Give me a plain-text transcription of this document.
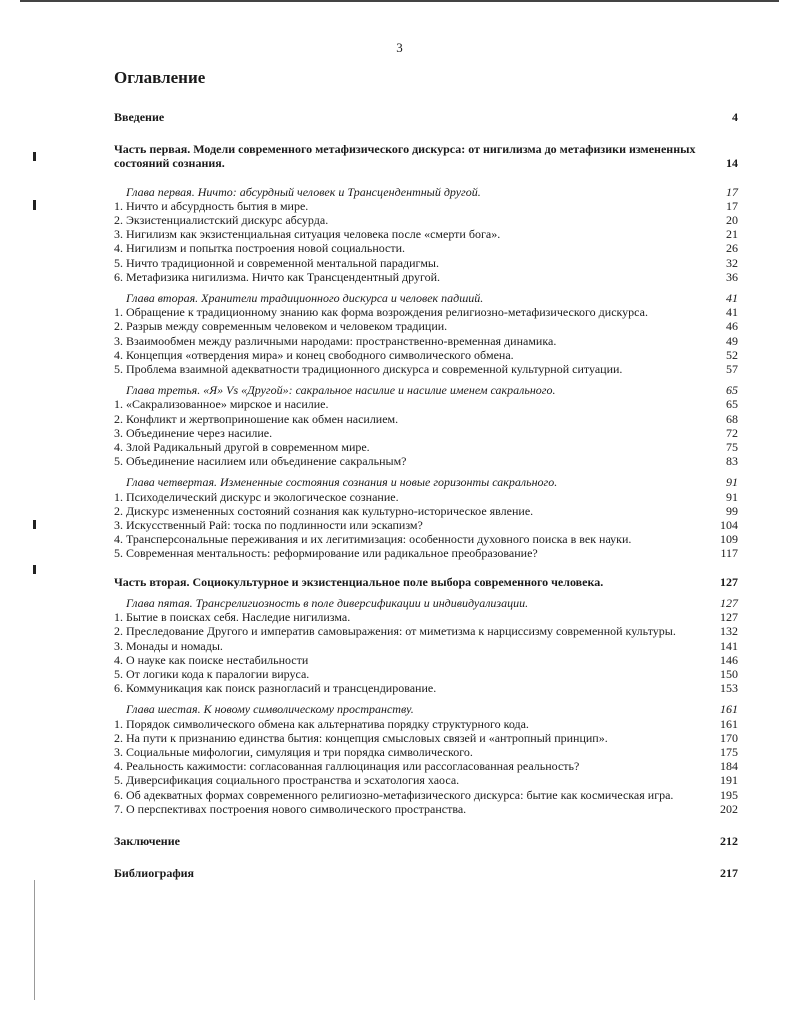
3
Оглавление
Введение	4
Часть первая. Модели современного метафизического дискурса: от нигилизма до метафизики измененных состояний сознания.	14
Глава первая. Ничто: абсурдный человек и Трансцендентный другой.	17
1. Ничто и абсурдность бытия в мире.	17
2. Экзистенциалистский дискурс абсурда.	20
3. Нигилизм как экзистенциальная ситуация человека после «смерти бога».	21
4. Нигилизм и попытка построения новой социальности.	26
5. Ничто традиционной и современной ментальной парадигмы.	32
6. Метафизика нигилизма. Ничто как Трансцендентный другой.	36
Глава вторая. Хранители традиционного дискурса и человек падший.	41
1. Обращение к традиционному знанию как форма возрождения религиозно-метафизического дискурса.	41
2. Разрыв между современным человеком и человеком традиции.	46
3. Взаимообмен между различными народами: пространственно-временная динамика.	49
4. Концепция «отвердения мира» и конец свободного символического обмена.	52
5. Проблема взаимной адекватности традиционного дискурса и современной культурной ситуации.	57
Глава третья. «Я» Vs «Другой»: сакральное насилие и насилие именем сакрального.	65
1. «Сакрализованное» мирское и насилие.	65
2. Конфликт и жертвоприношение как обмен насилием.	68
3. Объединение через насилие.	72
4. Злой Радикальный другой в современном мире.	75
5. Объединение насилием или объединение сакральным?	83
Глава четвертая. Измененные состояния сознания и новые горизонты сакрального.	91
1. Психоделический дискурс и экологическое сознание.	91
2. Дискурс измененных состояний сознания как культурно-историческое явление.	99
3. Искусственный Рай: тоска по подлинности или эскапизм?	104
4. Трансперсональные переживания и их легитимизация: особенности духовного поиска в век науки.	109
5. Современная ментальность: реформирование или радикальное преобразование?	117
Часть вторая. Социокультурное и экзистенциальное поле выбора современного человека.	127
Глава пятая. Трансрелигиозность в поле диверсификации и индивидуализации.	127
1. Бытие в поисках себя. Наследие нигилизма.	127
2. Преследование Другого и императив самовыражения: от миметизма к нарциссизму современной культуры.	132
3. Монады и номады.	141
4. О науке как поиске нестабильности	146
5. От логики кода к паралогии вируса.	150
6. Коммуникация как поиск разногласий и трансцендирование.	153
Глава шестая. К новому символическому пространству.	161
1. Порядок символического обмена как альтернатива порядку структурного кода.	161
2. На пути к признанию единства бытия: концепция смысловых связей и «антропный принцип».	170
3. Социальные мифологии, симуляция и три порядка символического.	175
4. Реальность кажимости: согласованная галлюцинация или рассогласованная реальность?	184
5. Диверсификация социального пространства и эсхатология хаоса.	191
6. Об адекватных формах современного религиозно-метафизического дискурса: бытие как космическая игра.	195
7. О перспективах построения нового символического пространства.	202
Заключение	212
Библиография	217
